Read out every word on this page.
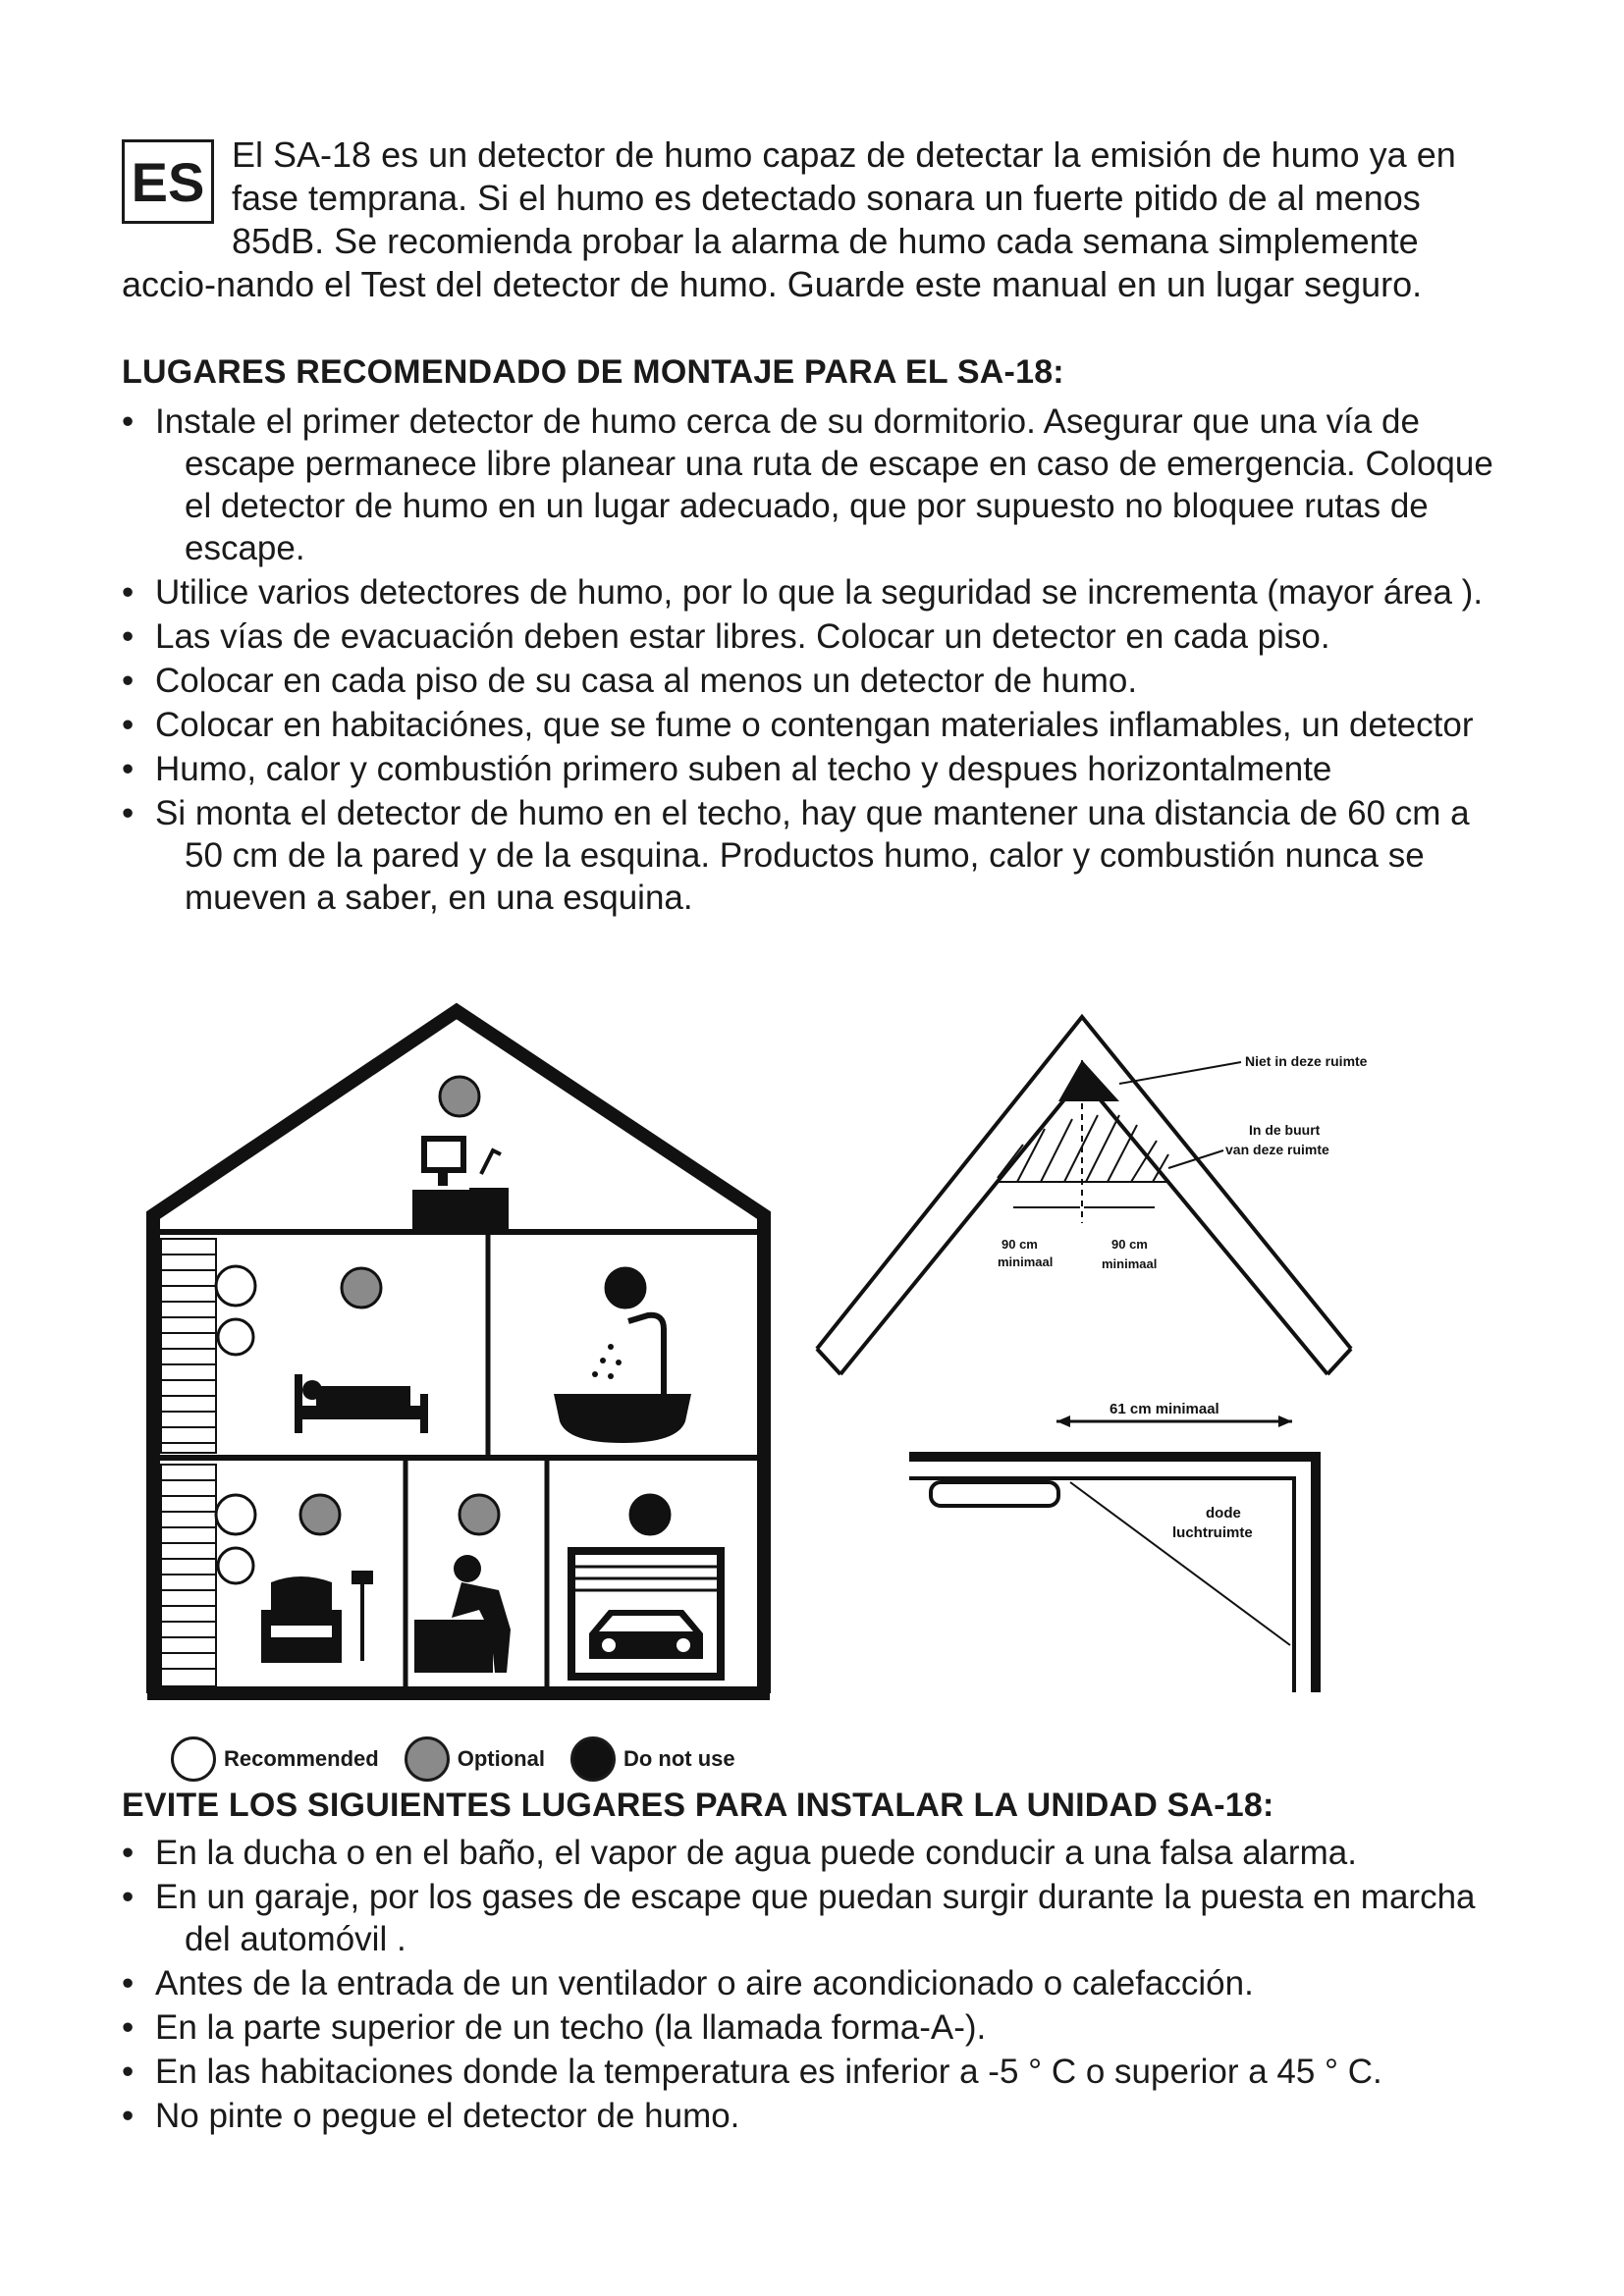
ES El SA-18 es un detector de humo capaz de detectar la emisión de humo ya en fase temprana. Si el humo es detectado sonara un fuerte pitido de al menos 85dB. Se recomienda probar la alarma de humo cada semana simplemente accio-nando el Test del detector de humo. Guarde este manual en un lugar seguro.
LUGARES RECOMENDADO DE MONTAJE PARA EL SA-18:
• Instale el primer detector de humo cerca de su dormitorio. Asegurar que una vía de escape permanece libre planear una ruta de escape en caso de emergencia. Coloque el detector de humo en un lugar adecuado, que por supuesto no bloquee rutas de escape.
• Utilice varios detectores de humo, por lo que la seguridad se incrementa (mayor área ).
• Las vías de evacuación deben estar libres. Colocar un detector en cada piso.
• Colocar en cada piso de su casa al menos un detector de humo.
• Colocar en habitaciónes, que se fume o contengan materiales inflamables, un detector
• Humo, calor y combustión primero suben al techo y despues horizontalmente
• Si monta el detector de humo en el techo, hay que mantener una distancia de 60 cm a 50 cm de la pared y de la esquina. Productos humo, calor y combustión nunca se mueven a saber, en una esquina.
Niet in deze ruimte
In de buurt
van deze ruimte
90 cm
minimaal
90 cm
minimaal
61 cm minimaal
dode
luchtruimte
Recommended	Optional	Do not use
EVITE LOS SIGUIENTES LUGARES PARA INSTALAR LA UNIDAD SA-18:
• En la ducha o en el baño, el vapor de agua puede conducir a una falsa alarma.
• En un garaje, por los gases de escape que puedan surgir durante la puesta en marcha del automóvil .
• Antes de la entrada de un ventilador o aire acondicionado o calefacción.
• En la parte superior de un techo (la llamada forma-A-).
• En las habitaciones donde la temperatura es inferior a -5 ° C o superior a 45 ° C.
• No pinte o pegue el detector de humo.
